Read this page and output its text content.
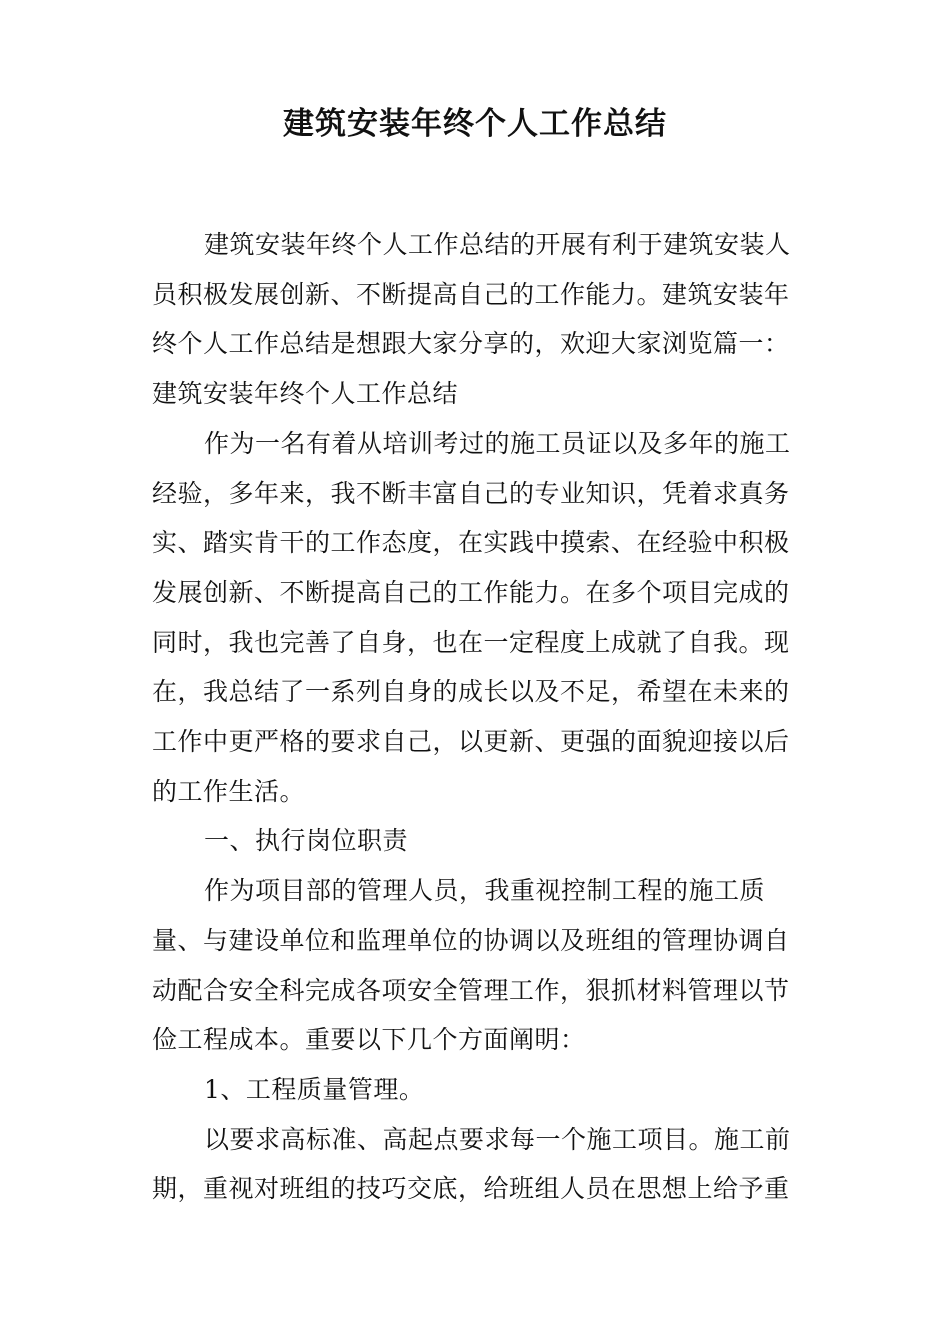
建筑安装年终个人工作总结

建筑安装年终个人工作总结的开展有利于建筑安装人员积极发展创新、不断提高自己的工作能力。建筑安装年终个人工作总结是想跟大家分享的，欢迎大家浏览篇一：

建筑安装年终个人工作总结

作为一名有着从培训考过的施工员证以及多年的施工经验，多年来，我不断丰富自己的专业知识，凭着求真务实、踏实肯干的工作态度，在实践中摸索、在经验中积极发展创新、不断提高自己的工作能力。在多个项目完成的同时，我也完善了自身，也在一定程度上成就了自我。现在，我总结了一系列自身的成长以及不足，希望在未来的工作中更严格的要求自己，以更新、更强的面貌迎接以后的工作生活。

一、执行岗位职责

作为项目部的管理人员，我重视控制工程的施工质量、与建设单位和监理单位的协调以及班组的管理协调自动配合安全科完成各项安全管理工作，狠抓材料管理以节俭工程成本。重要以下几个方面阐明：

1、工程质量管理。

以要求高标准、高起点要求每一个施工项目。施工前期，重视对班组的技巧交底，给班组人员在思想上给予重
